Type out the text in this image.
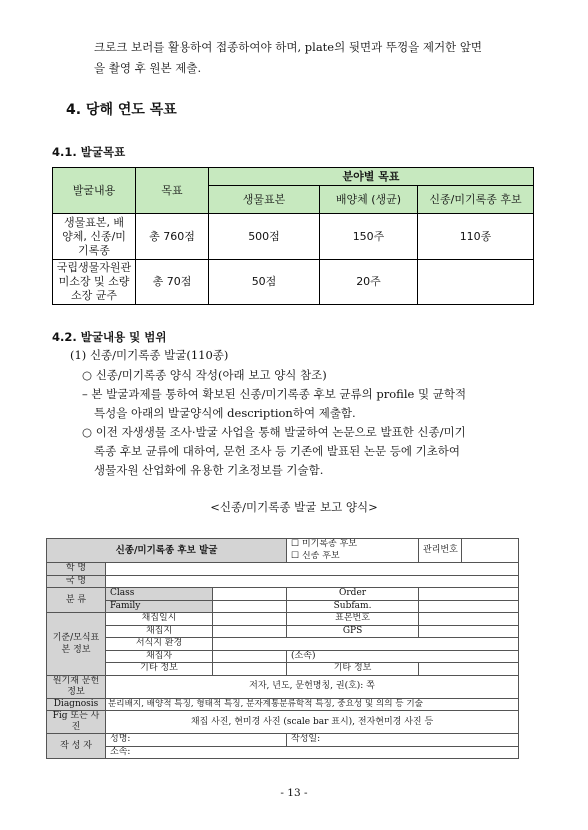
크로크 보러를 활용하여 접종하여야 하며, plate의 뒷면과 뚜껑을 제거한 앞면
을 촬영 후 원본 제출.
4. 당해 연도 목표
4.1. 발굴목표
발굴내용	목표	분야별 목표		
		생물표본	배양체 (생균)	신종/미기록종 후보
생물표본, 배양체, 신종/미기록종	총 760점	500점	150주	110종
국립생물자원관 미소장 및 소량소장 균주	총 70점	50점	20주	
4.2. 발굴내용 및 범위
(1) 신종/미기록종 발굴(110종)
○ 신종/미기록종 양식 작성(아래 보고 양식 참조)
– 본 발굴과제를 통하여 확보된 신종/미기록종 후보 균류의 profile 및 균학적
특성을 아래의 발굴양식에 description하여 제출함.
○ 이전 자생생물 조사·발굴 사업을 통해 발굴하여 논문으로 발표한 신종/미기
록종 후보 균류에 대하여, 문헌 조사 등 기존에 발표된 논문 등에 기초하여
생물자원 산업화에 유용한 기초정보를 기술함.
<신종/미기록종 발굴 보고 양식>
신종/미기록종 후보 발굴			☐ 미기록종 후보	관리번호	
			☐ 신종 후보		
학 명					
국 명					
분 류	Class		Order		
	Family		Subfam.		
기준/모식표본 정보	채집일시		표본번호		
	채집지		GPS		
	서식지 환경				
	채집자		(소속)		
	기타 정보		기타 정보		
원기재 문헌정보	저자, 년도, 문헌명칭, 권(호): 쪽				
Diagnosis	분리배지, 배양적 특징, 형태적 특징, 분자계통분류학적 특징, 중요성 및 의의 등 기술				
Fig 또는 사진	채집 사진, 현미경 사진 (scale bar 표시), 전자현미경 사진 등				
작 성 자	성명:		작성일:		
	소속:				
- 13 -
